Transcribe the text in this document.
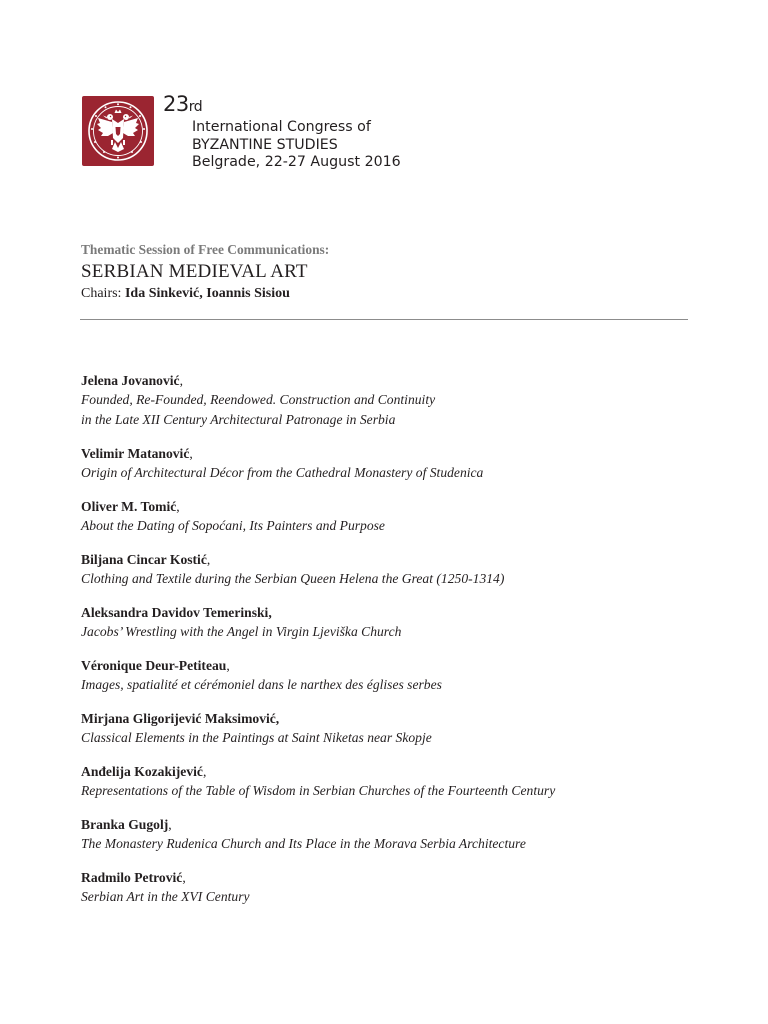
23rd
International Congress of
BYZANTINE STUDIES
Belgrade, 22-27 August 2016
Thematic Session of Free Communications:
SERBIAN MEDIEVAL ART
Chairs: Ida Sinkević, Ioannis Sisiou
Jelena Jovanović,
Founded, Re-Founded, Reendowed. Construction and Continuity
in the Late XII Century Architectural Patronage in Serbia
Velimir Matanović,
Origin of Architectural Décor from the Cathedral Monastery of Studenica
Oliver M. Tomić,
About the Dating of Sopoćani, Its Painters and Purpose
Biljana Cincar Kostić,
Clothing and Textile during the Serbian Queen Helena the Great (1250-1314)
Aleksandra Davidov Temerinski,
Jacobs’ Wrestling with the Angel in Virgin Ljeviška Church
Véronique Deur-Petiteau,
Images, spatialité et cérémoniel dans le narthex des églises serbes
Mirjana Gligorijević Maksimović,
Classical Elements in the Paintings at Saint Niketas near Skopje
Anđelija Kozakijević,
Representations of the Table of Wisdom in Serbian Churches of the Fourteenth Century
Branka Gugolj,
The Monastery Rudenica Church and Its Place in the Morava Serbia Architecture
Radmilo Petrović,
Serbian Art in the XVI Century
